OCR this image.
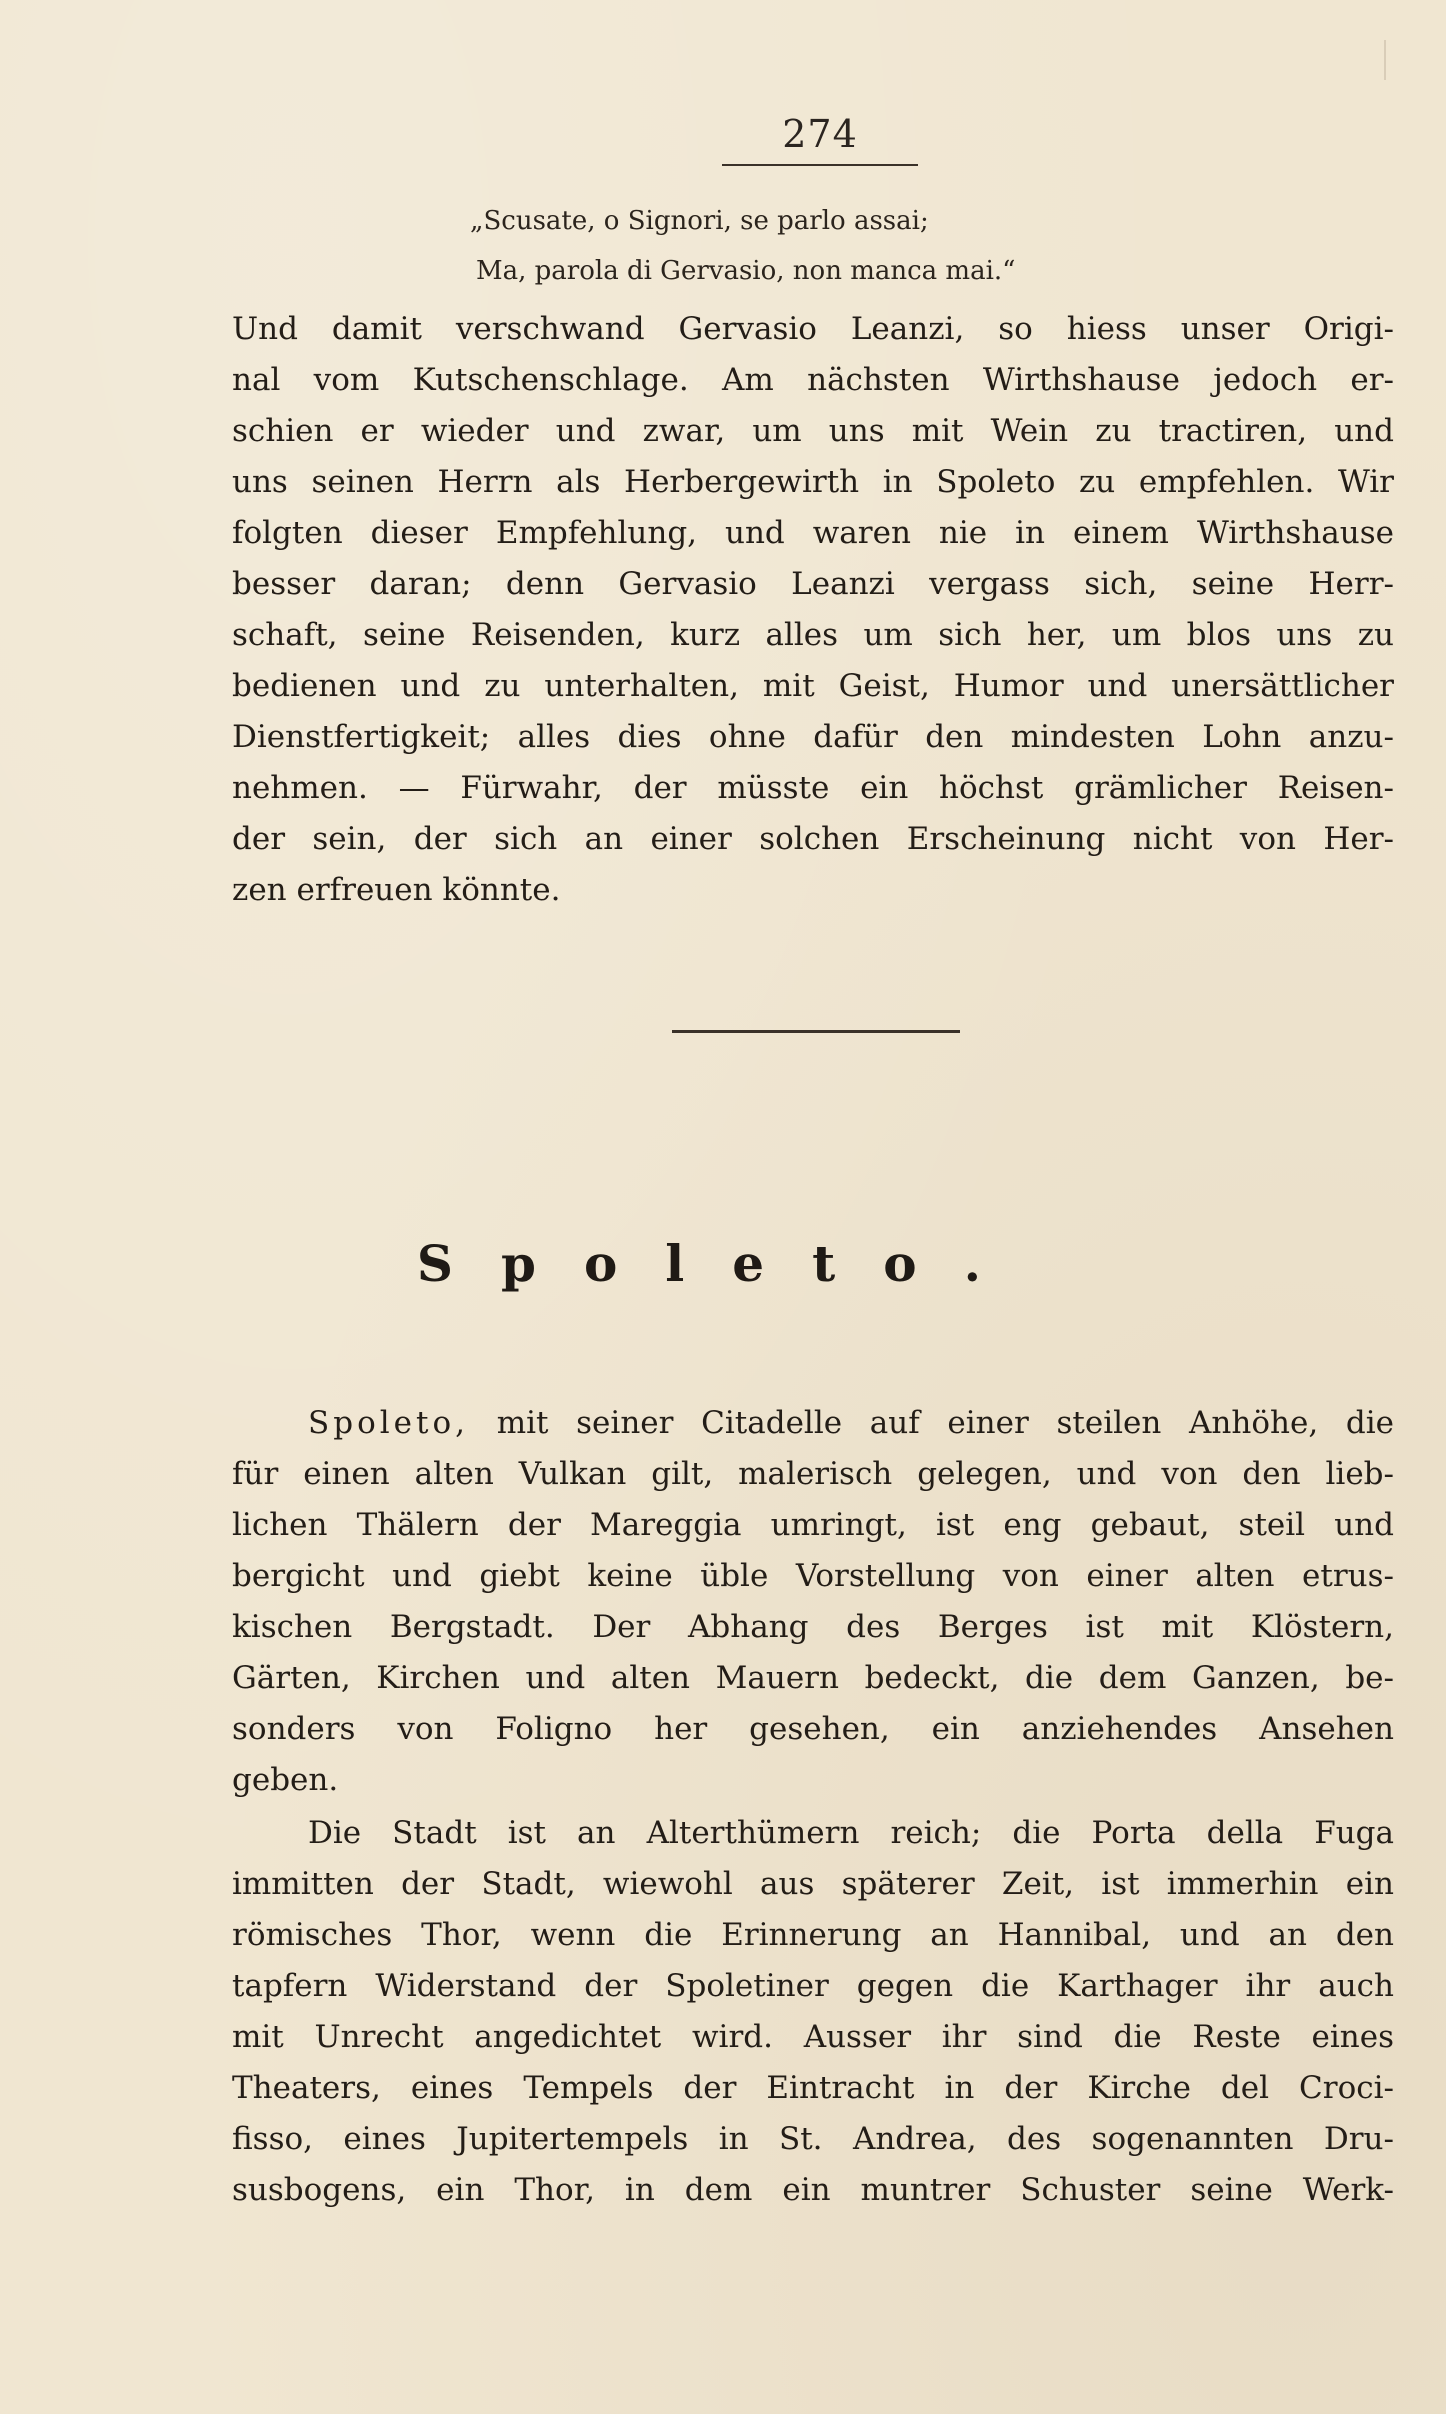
274
„Scusate, o Signori, se parlo assai;
Ma, parola di Gervasio, non manca mai.“
Und damit verschwand Gervasio Leanzi, so hiess unser Origi-
nal vom Kutschenschlage. Am nächsten Wirthshause jedoch er-
schien er wieder und zwar, um uns mit Wein zu tractiren, und
uns seinen Herrn als Herbergewirth in Spoleto zu empfehlen. Wir
folgten dieser Empfehlung, und waren nie in einem Wirthshause
besser daran; denn Gervasio Leanzi vergass sich, seine Herr-
schaft, seine Reisenden, kurz alles um sich her, um blos uns zu
bedienen und zu unterhalten, mit Geist, Humor und unersättlicher
Dienstfertigkeit; alles dies ohne dafür den mindesten Lohn anzu-
nehmen. — Fürwahr, der müsste ein höchst grämlicher Reisen-
der sein, der sich an einer solchen Erscheinung nicht von Her-
zen erfreuen könnte.
Spoleto.
Spoleto, mit seiner Citadelle auf einer steilen Anhöhe, die
für einen alten Vulkan gilt, malerisch gelegen, und von den lieb-
lichen Thälern der Mareggia umringt, ist eng gebaut, steil und
bergicht und giebt keine üble Vorstellung von einer alten etrus-
kischen Bergstadt. Der Abhang des Berges ist mit Klöstern,
Gärten, Kirchen und alten Mauern bedeckt, die dem Ganzen, be-
sonders von Foligno her gesehen, ein anziehendes Ansehen
geben.
Die Stadt ist an Alterthümern reich; die Porta della Fuga
immitten der Stadt, wiewohl aus späterer Zeit, ist immerhin ein
römisches Thor, wenn die Erinnerung an Hannibal, und an den
tapfern Widerstand der Spoletiner gegen die Karthager ihr auch
mit Unrecht angedichtet wird. Ausser ihr sind die Reste eines
Theaters, eines Tempels der Eintracht in der Kirche del Croci-
fisso, eines Jupitertempels in St. Andrea, des sogenannten Dru-
susbogens, ein Thor, in dem ein muntrer Schuster seine Werk-
